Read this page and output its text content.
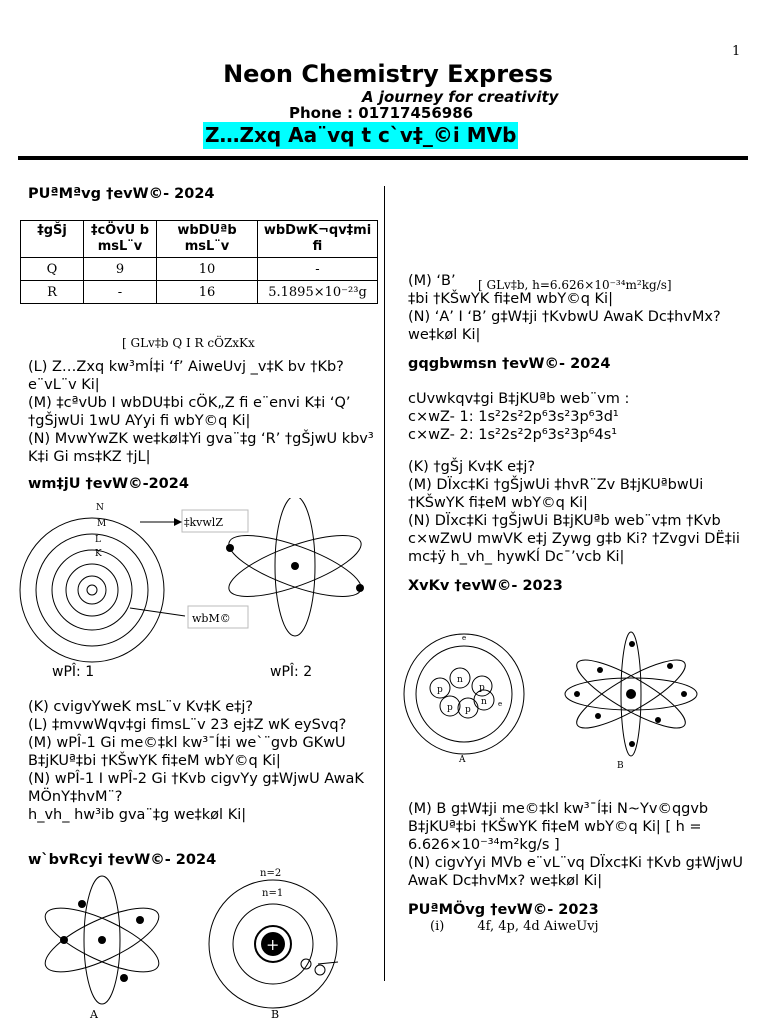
1
Neon Chemistry Express
A journey for creativity
Phone : 01717456986
Z…Zxq Aa¨vq t c`v‡_©i MVb
PUªMªvg †evW©- 2024
‡gŠj	‡cÖvU b msL¨v	wbDUªb msL¨v	wbDwK¬qv‡mi fi
Q	9	10	-
R	-	16	5.1895×10⁻²³g
[ GLv‡b Q I R cÖZxKx
(L) Z…Zxq kw³mÍ‡i ‘f’ AiweUvj _v‡K bv †Kb? e¨vL¨v Ki|
(M) ‡cªvUb I wbDU‡bi cÖK„Z fi e¨envi K‡i ‘Q’ †gŠjwUi 1wU AYyi fi wbY©q Ki|
(N) MvwYwZK we‡køl‡Yi gva¨‡g ‘R’ †gŠjwU kbv³ K‡i Gi ms‡KZ †jL|
wm‡jU †evW©-2024
N
M
L
K
‡kvwlZ
wbM©
wPÎ: 1	wPÎ: 2
(K) cvigvYweK msL¨v Kv‡K e‡j?
(L) ‡mvwWqv‡gi fimsL¨v 23 ej‡Z wK eySvq?
(M) wPÎ-1 Gi me©‡kl kw³¯Í‡i we`¨gvb GKwU B‡jKUª‡bi †KŠwYK fi‡eM wbY©q Ki|
(N) wPÎ-1 I wPÎ-2 Gi †Kvb cigvYy g‡WjwU AwaK MÖnY‡hvM¨?
h_vh_ hw³ib gva¨‡g we‡køl Ki|
w`bvRcyi †evW©- 2024
+
A	B
n=2
n=1
(M) ‘B’	[ GLv‡b, h=6.626×10⁻³⁴m²kg/s]
‡bi †KŠwYK fi‡eM wbY©q Ki|
(N) ‘A’ I ‘B’ g‡W‡ji †KvbwU AwaK Dc‡hvMx? we‡køl Ki|
gqgbwmsn †evW©- 2024
cUvwkqv‡gi B‡jKUªb web¨vm :
c×wZ- 1: 1s²2s²2p⁶3s²3p⁶3d¹
c×wZ- 2: 1s²2s²2p⁶3s²3p⁶4s¹
(K) †gŠj Kv‡K e‡j?
(M) DÏxc‡Ki †gŠjwUi ‡hvR¨Zv B‡jKUªbwUi †KŠwYK fi‡eM wbY©q Ki|
(N) DÏxc‡Ki †gŠjwUi B‡jKUªb web¨v‡m †Kvb c×wZwU mwVK e‡j Zywg g‡b Ki? †Zvgvi DË‡ii mc‡ÿ h_vh_ hywKÍ Dc¯’vcb Ki|
XvKv †evW©- 2023
p
n
p
p p
n
e
e
A
B
(M) B g‡W‡ji me©‡kl kw³¯Í‡i N~Yv©qgvb B‡jKUª‡bi †KŠwYK fi‡eM wbY©q Ki| [ h = 6.626×10⁻³⁴m²kg/s ]
(N) cigvYyi MVb e¨vL¨vq DÏxc‡Ki †Kvb g‡WjwU AwaK Dc‡hvMx? we‡køl Ki|
PUªMÖvg †evW©- 2023
(i)        4f, 4p, 4d AiweUvj
